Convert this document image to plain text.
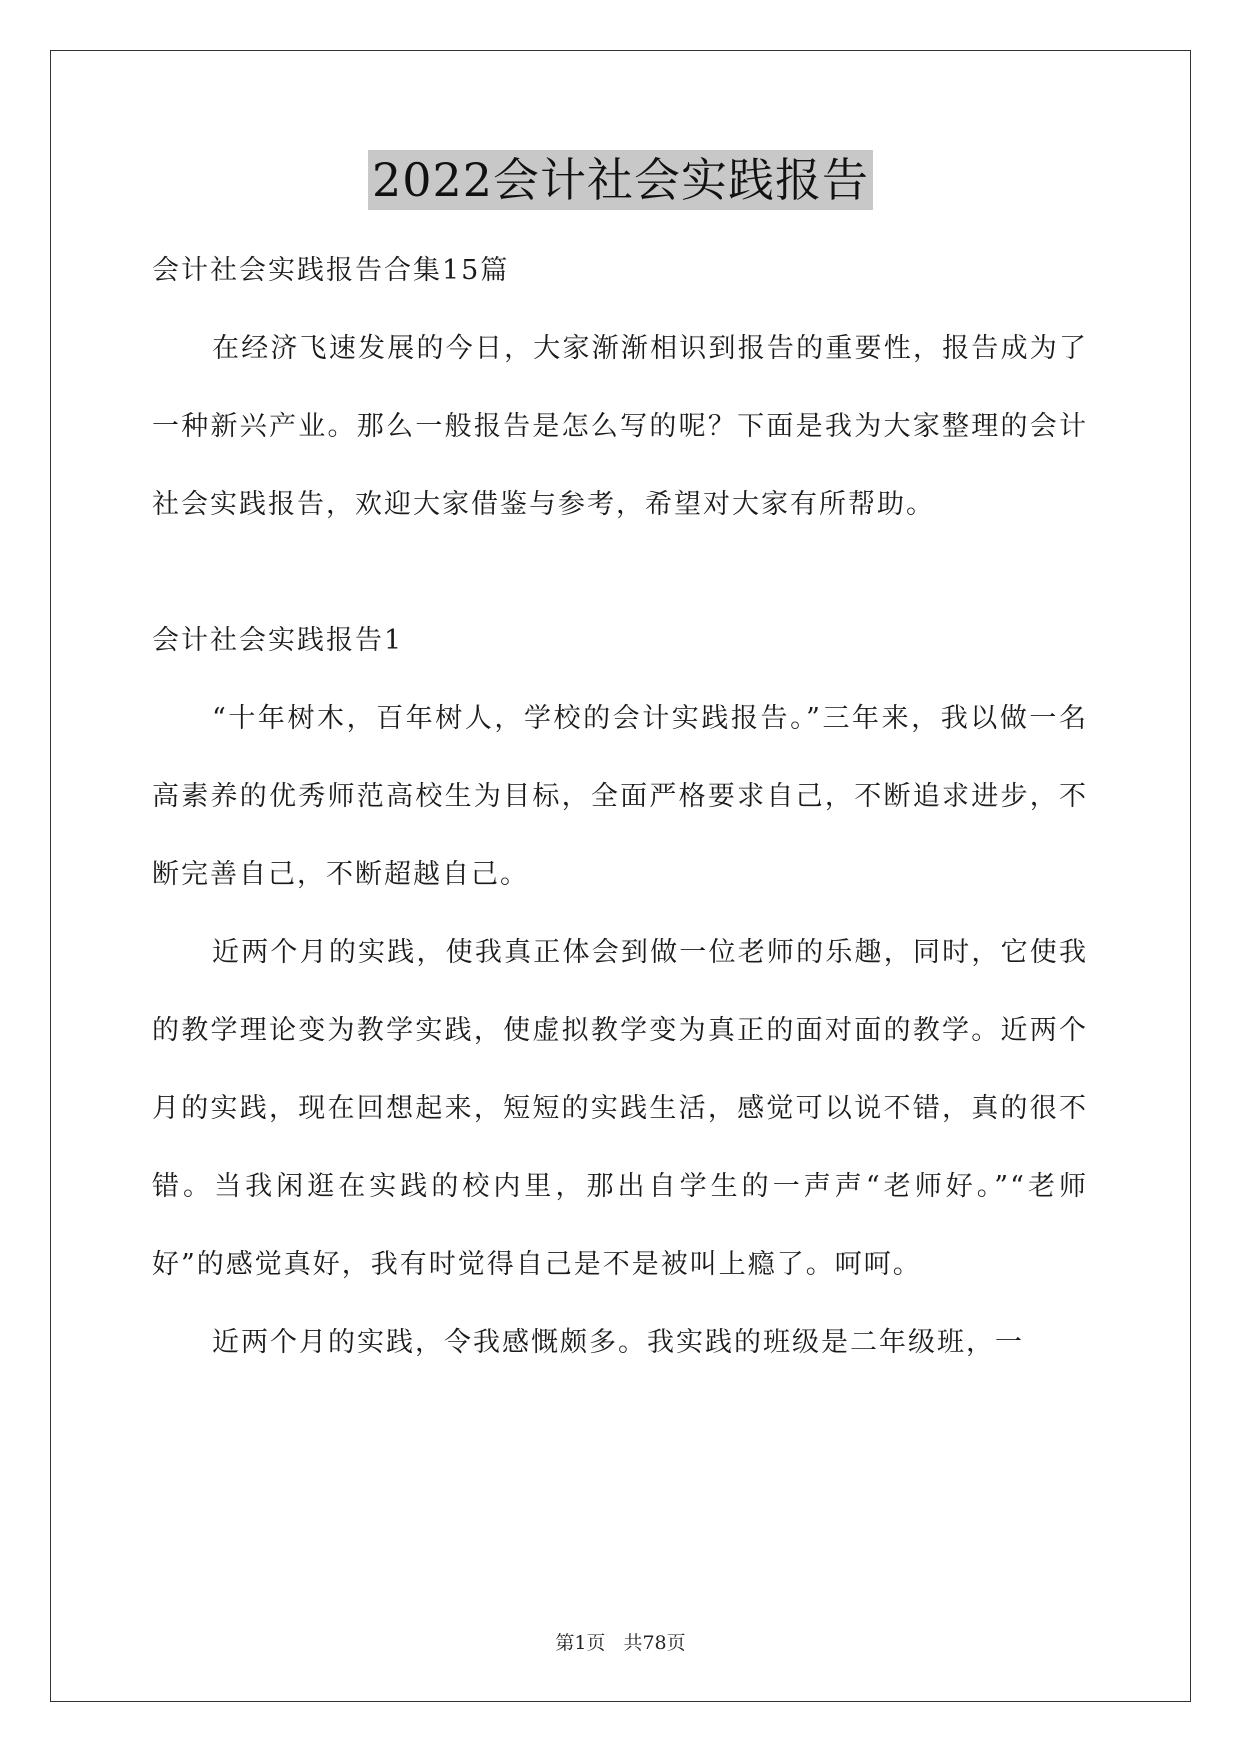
2022会计社会实践报告

会计社会实践报告合集15篇

在经济飞速发展的今日，大家渐渐相识到报告的重要性，报告成为了一种新兴产业。那么一般报告是怎么写的呢？下面是我为大家整理的会计社会实践报告，欢迎大家借鉴与参考，希望对大家有所帮助。

会计社会实践报告1

“十年树木，百年树人，学校的会计实践报告。”三年来，我以做一名高素养的优秀师范高校生为目标，全面严格要求自己，不断追求进步，不断完善自己，不断超越自己。

近两个月的实践，使我真正体会到做一位老师的乐趣，同时，它使我的教学理论变为教学实践，使虚拟教学变为真正的面对面的教学。近两个月的实践，现在回想起来，短短的实践生活，感觉可以说不错，真的很不错。当我闲逛在实践的校内里，那出自学生的一声声“老师好。”“老师好”的感觉真好，我有时觉得自己是不是被叫上瘾了。呵呵。

近两个月的实践，令我感慨颇多。我实践的班级是二年级班，一

第1页 共78页
